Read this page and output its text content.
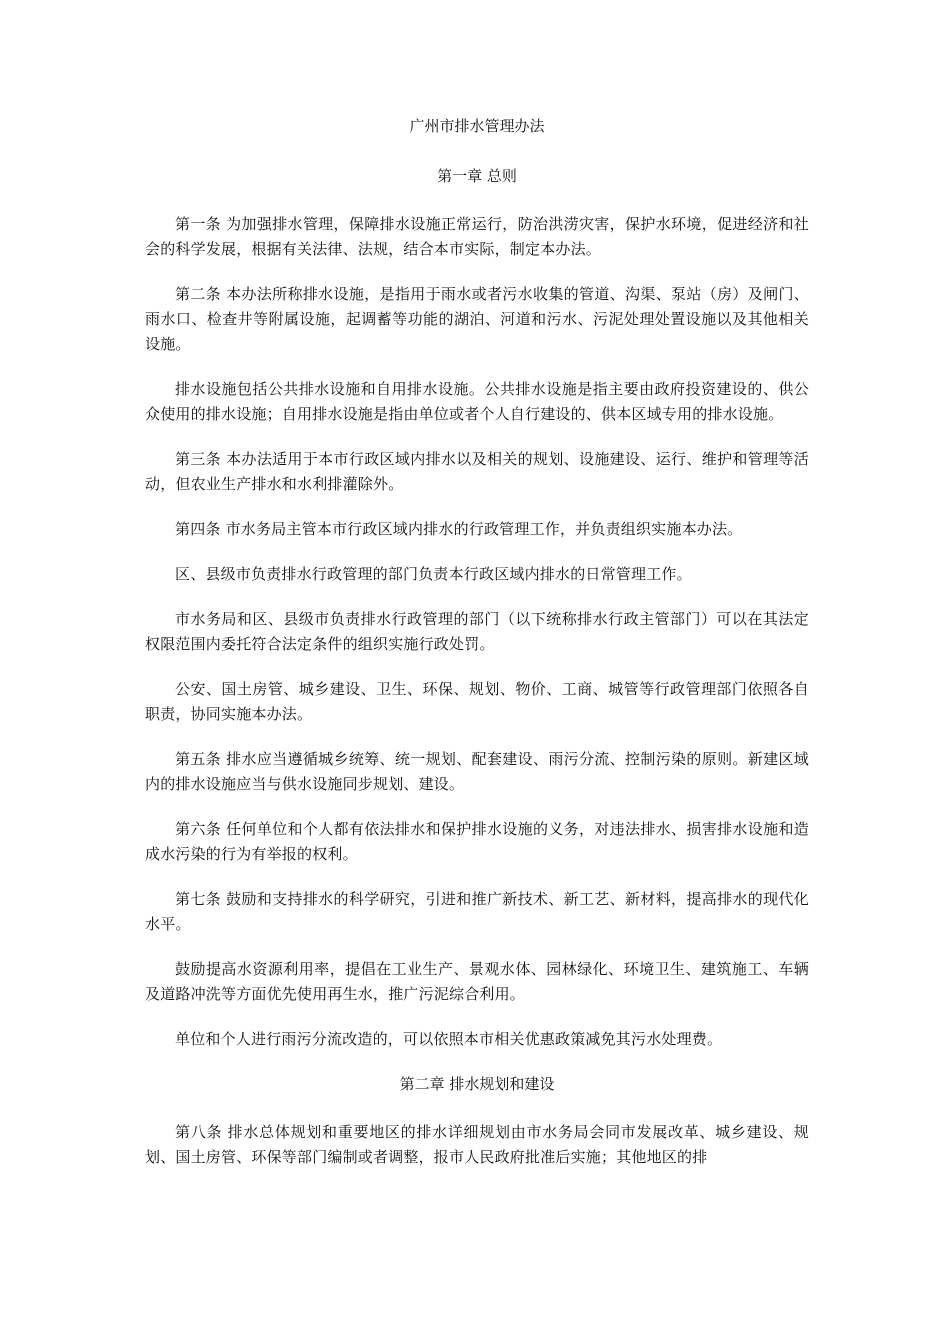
广州市排水管理办法

第一章 总则

第一条 为加强排水管理，保障排水设施正常运行，防治洪涝灾害，保护水环境，促进经济和社会的科学发展，根据有关法律、法规，结合本市实际，制定本办法。

第二条 本办法所称排水设施，是指用于雨水或者污水收集的管道、沟渠、泵站（房）及闸门、雨水口、检查井等附属设施，起调蓄等功能的湖泊、河道和污水、污泥处理处置设施以及其他相关设施。

排水设施包括公共排水设施和自用排水设施。公共排水设施是指主要由政府投资建设的、供公众使用的排水设施；自用排水设施是指由单位或者个人自行建设的、供本区域专用的排水设施。

第三条 本办法适用于本市行政区域内排水以及相关的规划、设施建设、运行、维护和管理等活动，但农业生产排水和水利排灌除外。

第四条 市水务局主管本市行政区域内排水的行政管理工作，并负责组织实施本办法。

区、县级市负责排水行政管理的部门负责本行政区域内排水的日常管理工作。

市水务局和区、县级市负责排水行政管理的部门（以下统称排水行政主管部门）可以在其法定权限范围内委托符合法定条件的组织实施行政处罚。

公安、国土房管、城乡建设、卫生、环保、规划、物价、工商、城管等行政管理部门依照各自职责，协同实施本办法。

第五条 排水应当遵循城乡统筹、统一规划、配套建设、雨污分流、控制污染的原则。新建区域内的排水设施应当与供水设施同步规划、建设。

第六条 任何单位和个人都有依法排水和保护排水设施的义务，对违法排水、损害排水设施和造成水污染的行为有举报的权利。

第七条 鼓励和支持排水的科学研究，引进和推广新技术、新工艺、新材料，提高排水的现代化水平。

鼓励提高水资源利用率，提倡在工业生产、景观水体、园林绿化、环境卫生、建筑施工、车辆及道路冲洗等方面优先使用再生水，推广污泥综合利用。

单位和个人进行雨污分流改造的，可以依照本市相关优惠政策减免其污水处理费。

第二章 排水规划和建设

第八条 排水总体规划和重要地区的排水详细规划由市水务局会同市发展改革、城乡建设、规划、国土房管、环保等部门编制或者调整，报市人民政府批准后实施；其他地区的排
